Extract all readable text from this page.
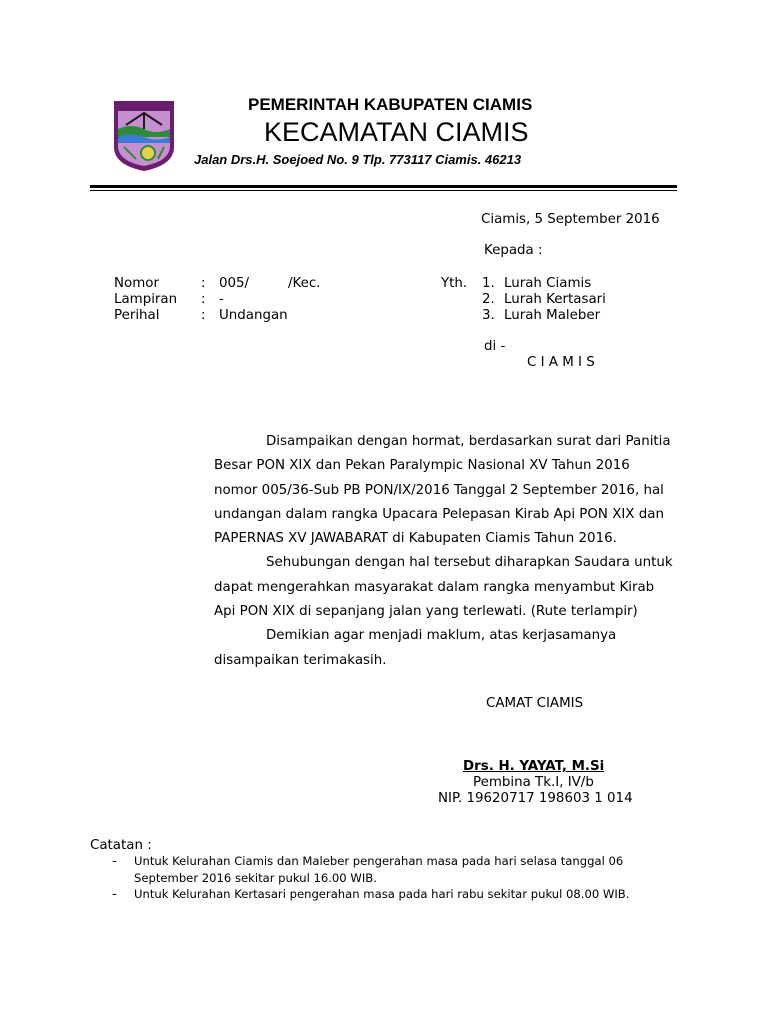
PEMERINTAH KABUPATEN CIAMIS
KECAMATAN CIAMIS
Jalan Drs.H. Soejoed No. 9 Tlp. 773117 Ciamis. 46213
Ciamis, 5 September 2016
Kepada :
Nomor	: 005/	/Kec.
Lampiran : -
Perihal	: Undangan
Yth. 1. Lurah Ciamis
2. Lurah Kertasari
3. Lurah Maleber
di -
C I A M I S

Disampaikan dengan hormat, berdasarkan surat dari Panitia Besar PON XIX dan Pekan Paralympic Nasional XV Tahun 2016 nomor 005/36-Sub PB PON/IX/2016 Tanggal 2 September 2016, hal undangan dalam rangka Upacara Pelepasan Kirab Api PON XIX dan PAPERNAS XV JAWABARAT di Kabupaten Ciamis Tahun 2016.

Sehubungan dengan hal tersebut diharapkan Saudara untuk dapat mengerahkan masyarakat dalam rangka menyambut Kirab Api PON XIX di sepanjang jalan yang terlewati. (Rute terlampir)

Demikian agar menjadi maklum, atas kerjasamanya disampaikan terimakasih.

CAMAT CIAMIS
Drs. H. YAYAT, M.Si
Pembina Tk.I, IV/b
NIP. 19620717 198603 1 014
Catatan :
- Untuk Kelurahan Ciamis dan Maleber pengerahan masa pada hari selasa tanggal 06 September 2016 sekitar pukul 16.00 WIB.
- Untuk Kelurahan Kertasari pengerahan masa pada hari rabu sekitar pukul 08.00 WIB.
